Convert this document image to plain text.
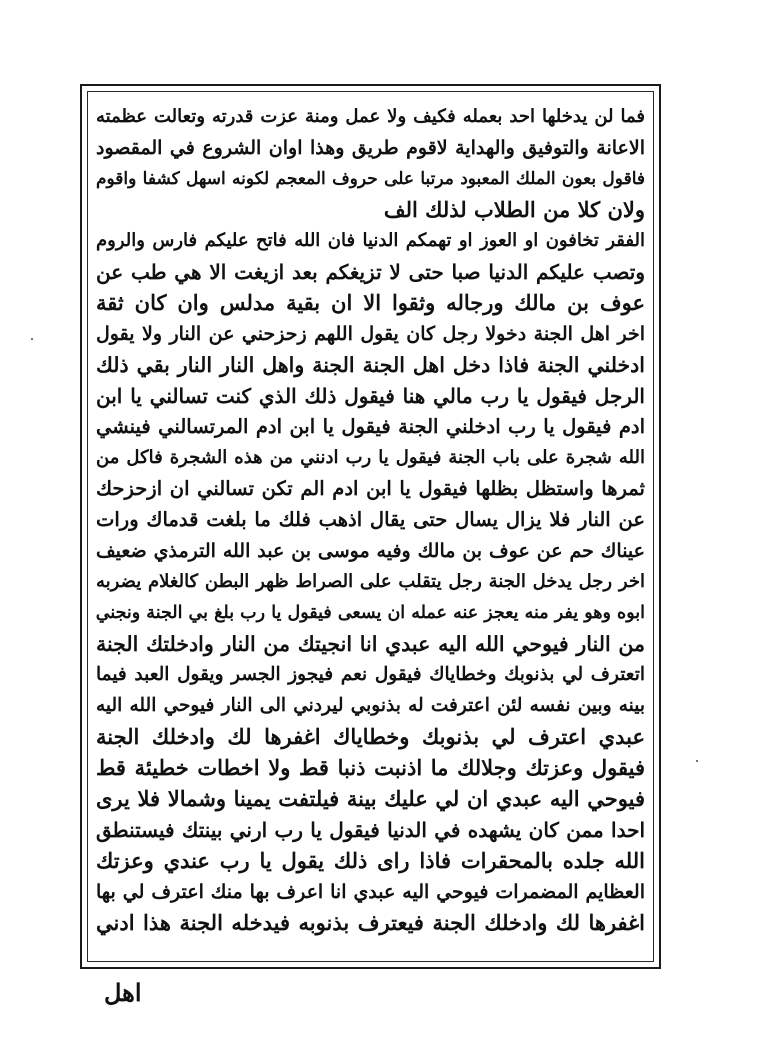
فما لن يدخلها احد بعمله فكيف ولا عمل ومنة عزت قدرته وتعالت عظمته
الاعانة والتوفيق والهداية لاقوم طريق وهذا اوان الشروع في المقصود
فاقول بعون الملك المعبود مرتبا على حروف المعجم لكونه اسهل كشفا واقوم
ولان كلا من الطلاب لذلك الف
الفقر تخافون او العوز او تهمكم الدنيا فان الله فاتح عليكم فارس والروم
وتصب عليكم الدنيا صبا حتى لا تزيغكم بعد ازيغت الا هي طب عن
عوف بن مالك ورجاله وثقوا الا ان بقية مدلس وان كان ثقة
اخر اهل الجنة دخولا رجل كان يقول اللهم زحزحني عن النار ولا يقول
ادخلني الجنة فاذا دخل اهل الجنة الجنة واهل النار النار بقي ذلك
الرجل فيقول يا رب مالي هنا فيقول ذلك الذي كنت تسالني يا ابن
ادم فيقول يا رب ادخلني الجنة فيقول يا ابن ادم المرتسالني فينشي
الله شجرة على باب الجنة فيقول يا رب ادنني من هذه الشجرة فاكل من
ثمرها واستظل بظلها فيقول يا ابن ادم الم تكن تسالني ان ازحزحك
عن النار فلا يزال يسال حتى يقال اذهب فلك ما بلغت قدماك ورات
عيناك حم عن عوف بن مالك وفيه موسى بن عبد الله الترمذي ضعيف
اخر رجل يدخل الجنة رجل يتقلب على الصراط ظهر البطن كالغلام يضربه
ابوه وهو يفر منه يعجز عنه عمله ان يسعى فيقول يا رب بلغ بي الجنة ونجني
من النار فيوحي الله اليه عبدي انا انجيتك من النار وادخلتك الجنة
اتعترف لي بذنوبك وخطاياك فيقول نعم فيجوز الجسر ويقول العبد فيما
بينه وبين نفسه لئن اعترفت له بذنوبي ليردني الى النار فيوحي الله اليه
عبدي اعترف لي بذنوبك وخطاياك اغفرها لك وادخلك الجنة
فيقول وعزتك وجلالك ما اذنبت ذنبا قط ولا اخطات خطيئة قط
فيوحي اليه عبدي ان لي عليك بينة فيلتفت يمينا وشمالا فلا يرى
احدا ممن كان يشهده في الدنيا فيقول يا رب ارني بينتك فيستنطق
الله جلده بالمحقرات فاذا راى ذلك يقول يا رب عندي وعزتك
العظايم المضمرات فيوحي اليه عبدي انا اعرف بها منك اعترف لي بها
اغفرها لك وادخلك الجنة فيعترف بذنوبه فيدخله الجنة هذا ادني
اهل
